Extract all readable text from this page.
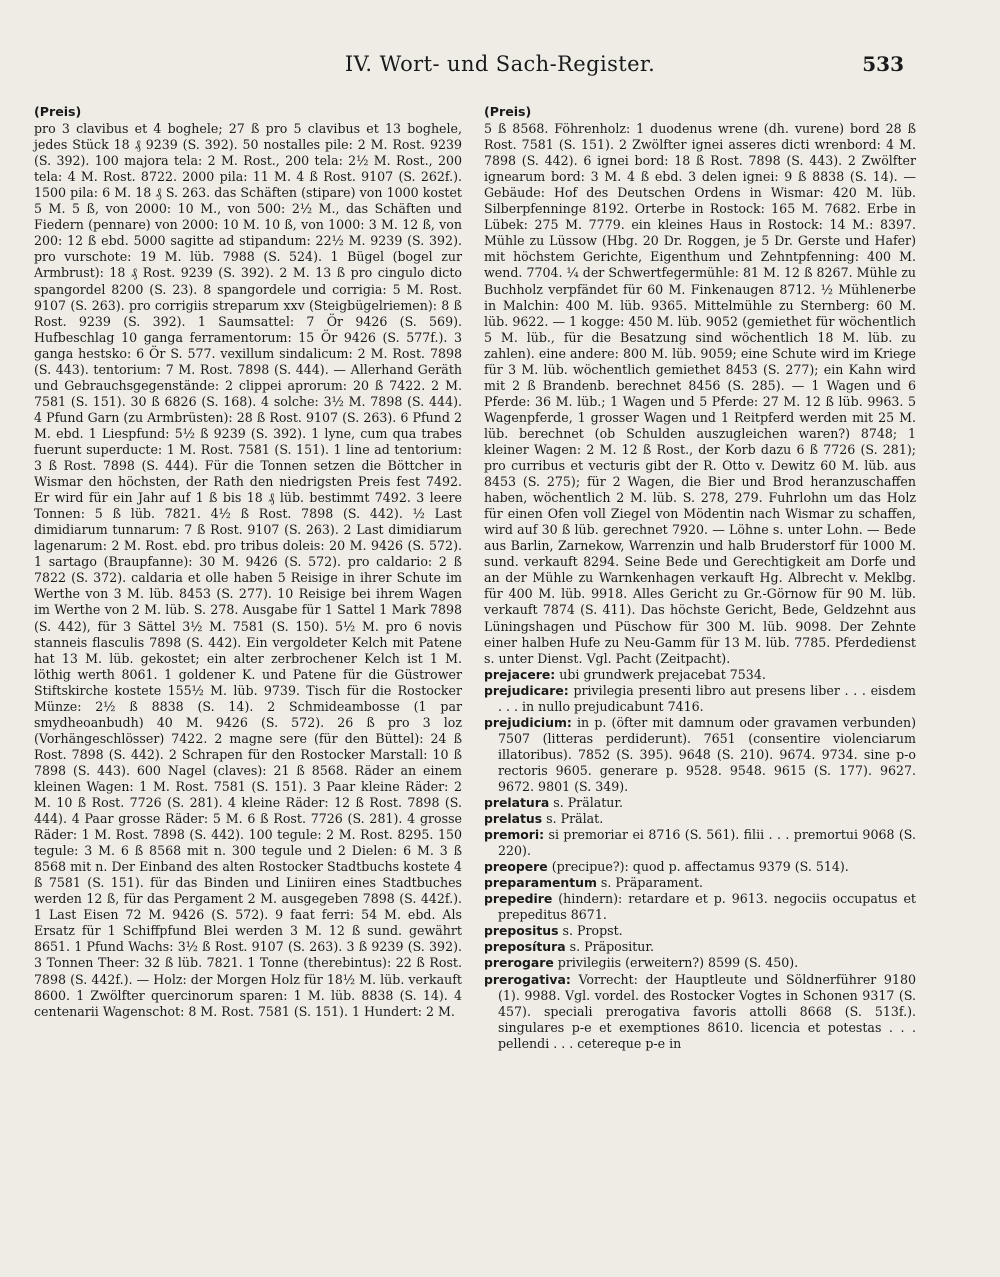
IV. Wort- und Sach-Register.	533
(Preis)

pro 3 clavibus et 4 boghele; 27 ß pro 5 clavibus et 13 boghele, jedes Stück 18 ₰ 9239 (S. 392). 50 nostalles pile: 2 M. Rost. 9239 (S. 392). 100 majora tela: 2 M. Rost., 200 tela: 2½ M. Rost., 200 tela: 4 M. Rost. 8722. 2000 pila: 11 M. 4 ß Rost. 9107 (S. 262f.). 1500 pila: 6 M. 18 ₰ S. 263. das Schäften (stipare) von 1000 kostet 5 M. 5 ß, von 2000: 10 M., von 500: 2½ M., das Schäften und Fiedern (pennare) von 2000: 10 M. 10 ß, von 1000: 3 M. 12 ß, von 200: 12 ß ebd. 5000 sagitte ad stipandum: 22½ M. 9239 (S. 392). pro vurschote: 19 M. lüb. 7988 (S. 524). 1 Bügel (bogel zur Armbrust): 18 ₰ Rost. 9239 (S. 392). 2 M. 13 ß pro cingulo dicto spangordel 8200 (S. 23). 8 spangordele und corrigia: 5 M. Rost. 9107 (S. 263). pro corrigiis streparum xxv (Steigbügelriemen): 8 ß Rost. 9239 (S. 392). 1 Saumsattel: 7 Ör 9426 (S. 569). Hufbeschlag 10 ganga ferramentorum: 15 Ör 9426 (S. 577f.). 3 ganga hestsko: 6 Ör S. 577. vexillum sindalicum: 2 M. Rost. 7898 (S. 443). tentorium: 7 M. Rost. 7898 (S. 444). — Allerhand Geräth und Gebrauchsgegenstände: 2 clippei aprorum: 20 ß 7422. 2 M. 7581 (S. 151). 30 ß 6826 (S. 168). 4 solche: 3½ M. 7898 (S. 444). 4 Pfund Garn (zu Armbrüsten): 28 ß Rost. 9107 (S. 263). 6 Pfund 2 M. ebd. 1 Liespfund: 5½ ß 9239 (S. 392). 1 lyne, cum qua trabes fuerunt superducte: 1 M. Rost. 7581 (S. 151). 1 line ad tentorium: 3 ß Rost. 7898 (S. 444). Für die Tonnen setzen die Böttcher in Wismar den höchsten, der Rath den niedrigsten Preis fest 7492. Er wird für ein Jahr auf 1 ß bis 18 ₰ lüb. bestimmt 7492. 3 leere Tonnen: 5 ß lüb. 7821. 4½ ß Rost. 7898 (S. 442). ½ Last dimidiarum tunnarum: 7 ß Rost. 9107 (S. 263). 2 Last dimidiarum lagenarum: 2 M. Rost. ebd. pro tribus doleis: 20 M. 9426 (S. 572). 1 sartago (Braupfanne): 30 M. 9426 (S. 572). pro caldario: 2 ß 7822 (S. 372). caldaria et olle haben 5 Reisige in ihrer Schute im Werthe von 3 M. lüb. 8453 (S. 277). 10 Reisige bei ihrem Wagen im Werthe von 2 M. lüb. S. 278. Ausgabe für 1 Sattel 1 Mark 7898 (S. 442), für 3 Sättel 3½ M. 7581 (S. 150). 5½ M. pro 6 novis stanneis flasculis 7898 (S. 442). Ein vergoldeter Kelch mit Patene hat 13 M. lüb. gekostet; ein alter zerbrochener Kelch ist 1 M. löthig werth 8061. 1 goldener K. und Patene für die Güstrower Stiftskirche kostete 155½ M. lüb. 9739. Tisch für die Rostocker Münze: 2½ ß 8838 (S. 14). 2 Schmideambosse (1 par smydheoanbudh) 40 M. 9426 (S. 572). 26 ß pro 3 loz (Vorhängeschlösser) 7422. 2 magne sere (für den Büttel): 24 ß Rost. 7898 (S. 442). 2 Schrapen für den Rostocker Marstall: 10 ß 7898 (S. 443). 600 Nagel (claves): 21 ß 8568. Räder an einem kleinen Wagen: 1 M. Rost. 7581 (S. 151). 3 Paar kleine Räder: 2 M. 10 ß Rost. 7726 (S. 281). 4 kleine Räder: 12 ß Rost. 7898 (S. 444). 4 Paar grosse Räder: 5 M. 6 ß Rost. 7726 (S. 281). 4 grosse Räder: 1 M. Rost. 7898 (S. 442). 100 tegule: 2 M. Rost. 8295. 150 tegule: 3 M. 6 ß 8568 mit n. 300 tegule und 2 Dielen: 6 M. 3 ß 8568 mit n. Der Einband des alten Rostocker Stadtbuchs kostete 4 ß 7581 (S. 151). für das Binden und Liniiren eines Stadtbuches werden 12 ß, für das Pergament 2 M. ausgegeben 7898 (S. 442f.). 1 Last Eisen 72 M. 9426 (S. 572). 9 faat ferri: 54 M. ebd. Als Ersatz für 1 Schiffpfund Blei werden 3 M. 12 ß sund. gewährt 8651. 1 Pfund Wachs: 3½ ß Rost. 9107 (S. 263). 3 ß 9239 (S. 392). 3 Tonnen Theer: 32 ß lüb. 7821. 1 Tonne (therebintus): 22 ß Rost. 7898 (S. 442f.). — Holz: der Morgen Holz für 18½ M. lüb. verkauft 8600. 1 Zwölfter quercinorum sparen: 1 M. lüb. 8838 (S. 14). 4 centenarii Wagenschot: 8 M. Rost. 7581 (S. 151). 1 Hundert: 2 M.

(Preis)

5 ß 8568. Föhrenholz: 1 duodenus wrene (dh. vurene) bord 28 ß Rost. 7581 (S. 151). 2 Zwölfter ignei asseres dicti wrenbord: 4 M. 7898 (S. 442). 6 ignei bord: 18 ß Rost. 7898 (S. 443). 2 Zwölfter ignearum bord: 3 M. 4 ß ebd. 3 delen ignei: 9 ß 8838 (S. 14). — Gebäude: Hof des Deutschen Ordens in Wismar: 420 M. lüb. Silberpfenninge 8192. Orterbe in Rostock: 165 M. 7682. Erbe in Lübek: 275 M. 7779. ein kleines Haus in Rostock: 14 M.: 8397. Mühle zu Lüssow (Hbg. 20 Dr. Roggen, je 5 Dr. Gerste und Hafer) mit höchstem Gerichte, Eigenthum und Zehntpfenning: 400 M. wend. 7704. ¼ der Schwertfegermühle: 81 M. 12 ß 8267. Mühle zu Buchholz verpfändet für 60 M. Finkenaugen 8712. ½ Mühlenerbe in Malchin: 400 M. lüb. 9365. Mittelmühle zu Sternberg: 60 M. lüb. 9622. — 1 kogge: 450 M. lüb. 9052 (gemiethet für wöchentlich 5 M. lüb., für die Besatzung sind wöchentlich 18 M. lüb. zu zahlen). eine andere: 800 M. lüb. 9059; eine Schute wird im Kriege für 3 M. lüb. wöchentlich gemiethet 8453 (S. 277); ein Kahn wird mit 2 ß Brandenb. berechnet 8456 (S. 285). — 1 Wagen und 6 Pferde: 36 M. lüb.; 1 Wagen und 5 Pferde: 27 M. 12 ß lüb. 9963. 5 Wagenpferde, 1 grosser Wagen und 1 Reitpferd werden mit 25 M. lüb. berechnet (ob Schulden auszugleichen waren?) 8748; 1 kleiner Wagen: 2 M. 12 ß Rost., der Korb dazu 6 ß 7726 (S. 281); pro curribus et vecturis gibt der R. Otto v. Dewitz 60 M. lüb. aus 8453 (S. 275); für 2 Wagen, die Bier und Brod heranzuschaffen haben, wöchentlich 2 M. lüb. S. 278, 279. Fuhrlohn um das Holz für einen Ofen voll Ziegel von Mödentin nach Wismar zu schaffen, wird auf 30 ß lüb. gerechnet 7920. — Löhne s. unter Lohn. — Bede aus Barlin, Zarnekow, Warrenzin und halb Bruderstorf für 1000 M. sund. verkauft 8294. Seine Bede und Gerechtigkeit am Dorfe und an der Mühle zu Warnkenhagen verkauft Hg. Albrecht v. Meklbg. für 400 M. lüb. 9918. Alles Gericht zu Gr.-Görnow für 90 M. lüb. verkauft 7874 (S. 411). Das höchste Gericht, Bede, Geldzehnt aus Lüningshagen und Püschow für 300 M. lüb. 9098. Der Zehnte einer halben Hufe zu Neu-Gamm für 13 M. lüb. 7785. Pferdedienst s. unter Dienst. Vgl. Pacht (Zeitpacht).

prejacere: ubi grundwerk prejacebat 7534.

prejudicare: privilegia presenti libro aut presens liber . . . eisdem . . . in nullo prejudicabunt 7416.

prejudicium: in p. (öfter mit damnum oder gravamen verbunden) 7507 (litteras perdiderunt). 7651 (consentire violenciarum illatoribus). 7852 (S. 395). 9648 (S. 210). 9674. 9734. sine p-o rectoris 9605. generare p. 9528. 9548. 9615 (S. 177). 9627. 9672. 9801 (S. 349).

prelatura s. Prälatur.

prelatus s. Prälat.

premori: si premoriar ei 8716 (S. 561). filii . . . premortui 9068 (S. 220).

preopere (precipue?): quod p. affectamus 9379 (S. 514).

preparamentum s. Präparament.

prepedire (hindern): retardare et p. 9613. negociis occupatus et prepeditus 8671.

prepositus s. Propst.

preposítura s. Präpositur.

prerogare privilegiis (erweitern?) 8599 (S. 450).

prerogativa: Vorrecht: der Hauptleute und Söldnerführer 9180 (1). 9988. Vgl. vordel. des Rostocker Vogtes in Schonen 9317 (S. 457). speciali prerogativa favoris attolli 8668 (S. 513f.). singulares p-e et exemptiones 8610. licencia et potestas . . . pellendi . . . cetereque p-e in
